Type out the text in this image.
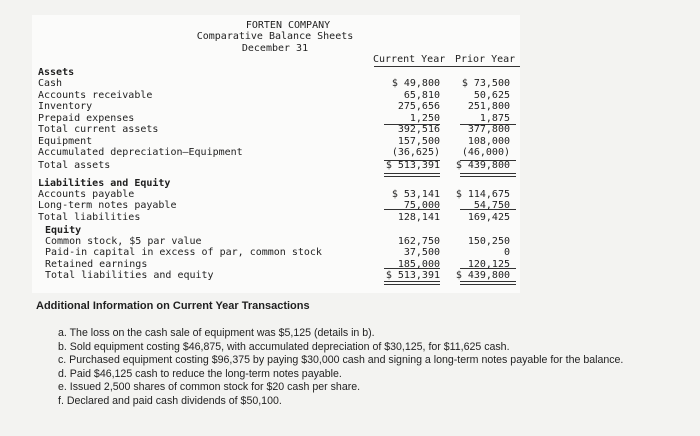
FORTEN COMPANY
Comparative Balance Sheets
December 31
Current Year Prior Year
Assets
Cash	$ 49,800	$ 73,500
Accounts receivable	65,810	50,625
Inventory	275,656	251,800
Prepaid expenses	1,250	1,875
Total current assets	392,516	377,800
Equipment	157,500	108,000
Accumulated depreciation–Equipment	(36,625)	(46,000)
Total assets	$ 513,391	$ 439,800
Liabilities and Equity
Accounts payable	$ 53,141	$ 114,675
Long-term notes payable	75,000	54,750
Total liabilities	128,141	169,425
Equity
Common stock, $5 par value	162,750	150,250
Paid-in capital in excess of par, common stock	37,500	0
Retained earnings	185,000	120,125
Total liabilities and equity	$ 513,391	$ 439,800
Additional Information on Current Year Transactions
a. The loss on the cash sale of equipment was $5,125 (details in b).
b. Sold equipment costing $46,875, with accumulated depreciation of $30,125, for $11,625 cash.
c. Purchased equipment costing $96,375 by paying $30,000 cash and signing a long-term notes payable for the balance.
d. Paid $46,125 cash to reduce the long-term notes payable.
e. Issued 2,500 shares of common stock for $20 cash per share.
f. Declared and paid cash dividends of $50,100.
